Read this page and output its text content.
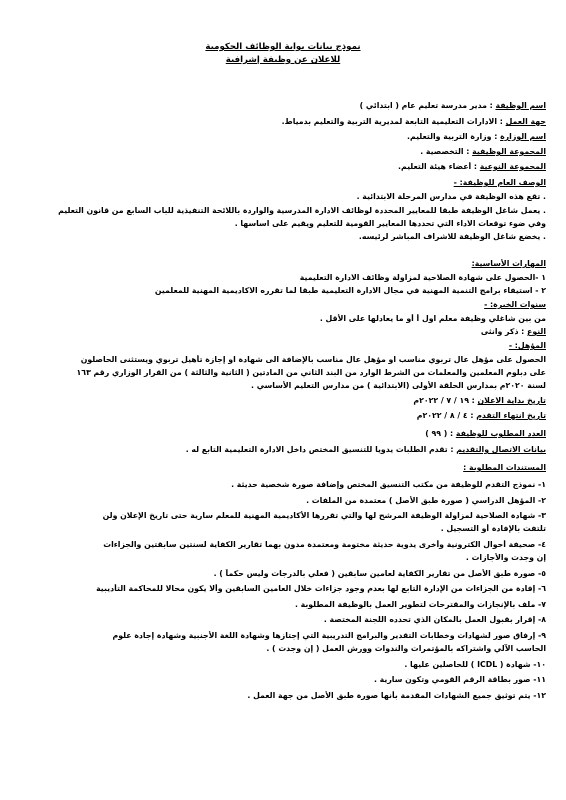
نموذج بيانات بوابة الوظائف الحكومية
للاعلان عن وظيفة إشرافية
اسم الوظيفة : مدير مدرسة تعليم عام ( ابتدائي )
جهة العمل : الادارات التعليمية التابعة لمديرية التربية والتعليم بدمياط.
اسم الوزارة : وزارة التربية والتعليم.
المجموعة الوظيفية : التخصصية .
المجموعة النوعية : أعضاء هيئة التعليم.
الوصف العام للوظيفة: -
. تقع هذه الوظيفة في مدارس المرحلة الابتدائية .
. يعمل شاغل الوظيفة طبقا للمعايير المحددة لوظائف الادارة المدرسية والواردة باللائحة التنفيذية للباب السابع من قانون التعليم
وفي ضوء توقعات الاداء التي تحددها المعايير القومية للتعليم ويقيم على اساسها .
. يخضع شاغل الوظيفة للاشراف المباشر لرئيسه.
المهارات الأساسية:
١ -الحصول على شهادة الصلاحية لمزاولة وظائف الادارة التعليمية
٢ - استيفاء برامج التنمية المهنية في مجال الادارة التعليمية طبقا لما تقرره الاكاديمية المهنية للمعلمين
سنوات الخبرة: -
من بين شاغلي وظيفة معلم اول أ أو ما يعادلها على الأقل .
النوع : ذكر وانثى
المؤهل: -
الحصول على مؤهل عال تربوي مناسب او مؤهل عال مناسب بالإضافة الى شهادة او إجازة تأهيل تربوي ويستثنى الحاصلون
على دبلوم المعلمين والمعلمات من الشرط الوارد من البند الثاني من المادتين ( الثانية والثالثة ) من القرار الوزاري رقم ١٦٣
لسنة ٢٠٢٠م بمدارس الحلقة الأولى (الابتدائية ) من مدارس التعليم الأساسي .
تاريخ بداية الاعلان : ١٩ / ٧ / ٢٠٢٢م
تاريخ انتهاء التقدم : ٤ / ٨ / ٢٠٢٢م
العدد المطلوب للوظيفة : ( ٩٩ )
بيانات الاتصال والتقديم : تقدم الطلبات يدويا للتنسيق المختص داخل الادارة التعليمية التابع له .
المستندات المطلوبة :
١- نموذج التقدم للوظيفة من مكتب التنسيق المختص وإضافة صورة شخصية حديثة .
٢- المؤهل الدراسي ( صورة طبق الأصل ) معتمدة من الملفات .
٣- شهادة الصلاحية لمزاولة الوظيفة المرشح لها والتي تقررها الأكاديمية المهنية للمعلم سارية حتى تاريخ الإعلان ولن
تلتفت بالإفادة أو التسجيل .
٤- صحيفة أحوال الكترونية وأخرى يدوية حديثة مختومة ومعتمدة مدون بهما تقارير الكفاية لسنتين سابقتين والجزاءات
إن وجدت والأجازات .
٥- صورة طبق الأصل من تقارير الكفاية لعامين سابقين ( فعلي بالدرجات وليس حكماً ) .
٦- إفادة من الجزاءات من الإدارة التابع لها بعدم وجود جزاءات خلال العامين السابقين وألا يكون محالا للمحاكمة التأديبية
٧- ملف بالإنجازات والمقترحات لتطوير العمل بالوظيفة المطلوبة .
٨- إقرار بقبول العمل بالمكان الذي تحدده اللجنة المختصة .
٩- إرفاق صور لشهادات وخطابات التقدير والبرامج التدريبية التي إجتازها وشهادة اللغة الأجنبية وشهادة إجادة علوم
الحاسب الآلي واشتراكه بالمؤتمرات والندوات وورش العمل ( إن وجدت ) .
١٠- شهادة ( ICDL ) للحاصلين عليها .
١١- صور بطاقة الرقم القومي وتكون سارية .
١٢- يتم توثيق جميع الشهادات المقدمة بأنها صورة طبق الأصل من جهة العمل .
